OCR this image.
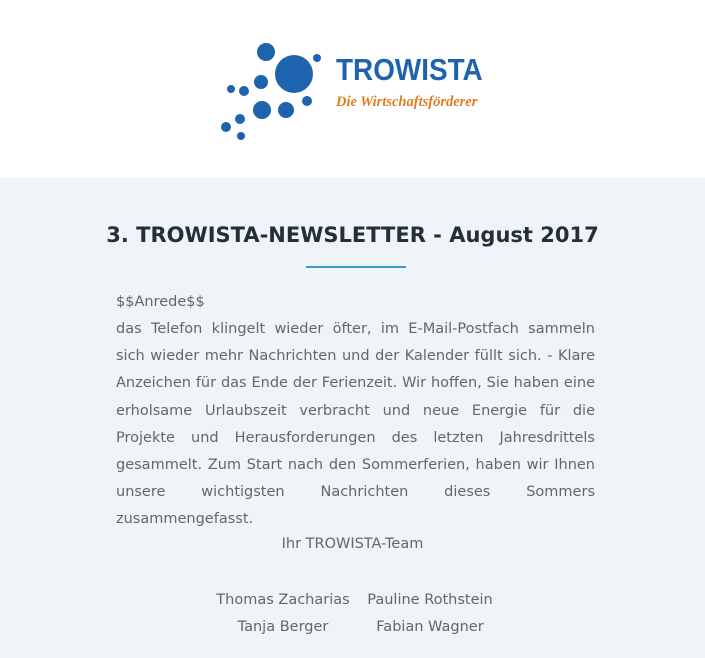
TROWISTA
Die Wirtschaftsförderer
3. TROWISTA-NEWSLETTER - August 2017
$$Anrede$$
das Telefon klingelt wieder öfter, im E-Mail-Postfach sammeln sich wieder mehr Nachrichten und der Kalender füllt sich. - Klare Anzeichen für das Ende der Ferienzeit. Wir hoffen, Sie haben eine erholsame Urlaubszeit verbracht und neue Energie für die Projekte und Herausforderungen des letzten Jahresdrittels gesammelt. Zum Start nach den Sommerferien, haben wir Ihnen unsere wichtigsten Nachrichten dieses Sommers zusammengefasst.
Ihr TROWISTA-Team
Thomas Zacharias	Pauline Rothstein
Tanja Berger	Fabian Wagner
